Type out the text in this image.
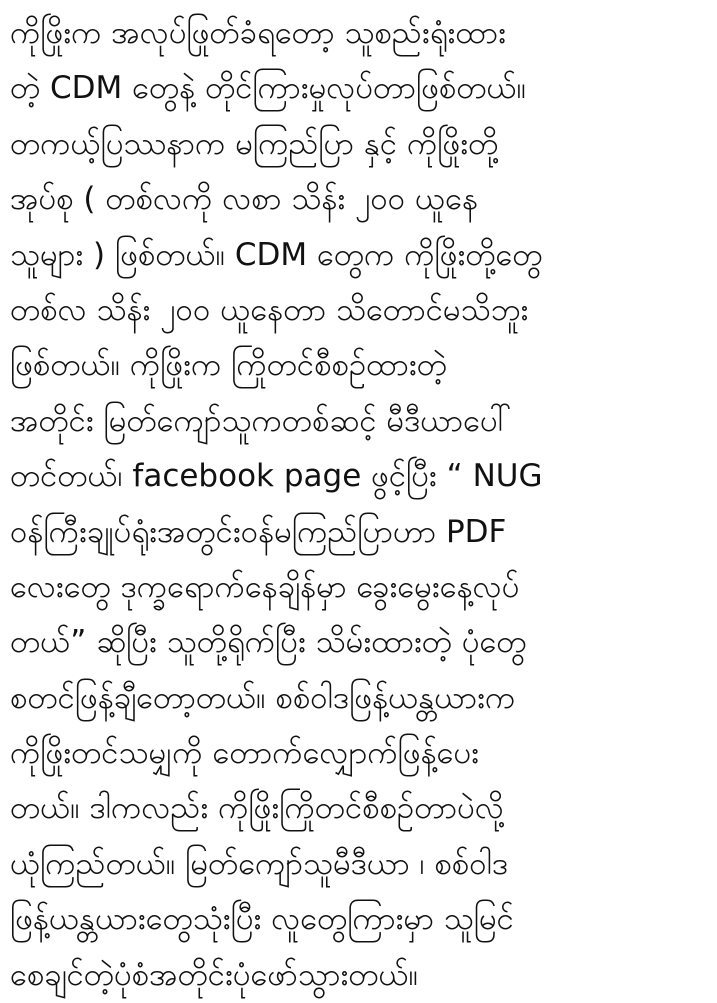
ကိုဖြိုးက အလုပ်ဖြုတ်ခံရတော့ သူစည်းရုံးထား
တဲ့ CDM တွေနဲ့ တိုင်ကြားမှုလုပ်တာဖြစ်တယ်။
တကယ့်ပြဿနာက မကြည်ပြာ နှင့် ကိုဖြိုးတို့
အုပ်စု ( တစ်လကို လစာ သိန်း ၂၀၀ ယူနေ
သူများ ) ဖြစ်တယ်။ CDM တွေက ကိုဖြိုးတို့တွေ
တစ်လ သိန်း ၂၀၀ ယူနေတာ သိတောင်မသိဘူး
ဖြစ်တယ်။ ကိုဖြိုးက ကြိုတင်စီစဉ်ထားတဲ့
အတိုင်း မြတ်ကျော်သူကတစ်ဆင့် မီဒီယာပေါ်
တင်တယ်၊ facebook page ဖွင့်ပြီး “ NUG
ဝန်ကြီးချုပ်ရုံးအတွင်းဝန်မကြည်ပြာဟာ PDF
လေးတွေ ဒုက္ခရောက်နေချိန်မှာ ခွေးမွေးနေ့လုပ်
တယ်” ဆိုပြီး သူတို့ရိုက်ပြီး သိမ်းထားတဲ့ ပုံတွေ
စတင်ဖြန့်ချီတော့တယ်။ စစ်ဝါဒဖြန့်ယန္တယားက
ကိုဖြိုးတင်သမျှကို တောက်လျှောက်ဖြန့်ပေး
တယ်။ ဒါကလည်း ကိုဖြိုးကြိုတင်စီစဉ်တာပဲလို့
ယုံကြည်တယ်။ မြတ်ကျော်သူမီဒီယာ ၊ စစ်ဝါဒ
ဖြန့်ယန္တယားတွေသုံးပြီး လူတွေကြားမှာ သူမြင်
စေချင်တဲ့ပုံစံအတိုင်းပုံဖော်သွားတယ်။
